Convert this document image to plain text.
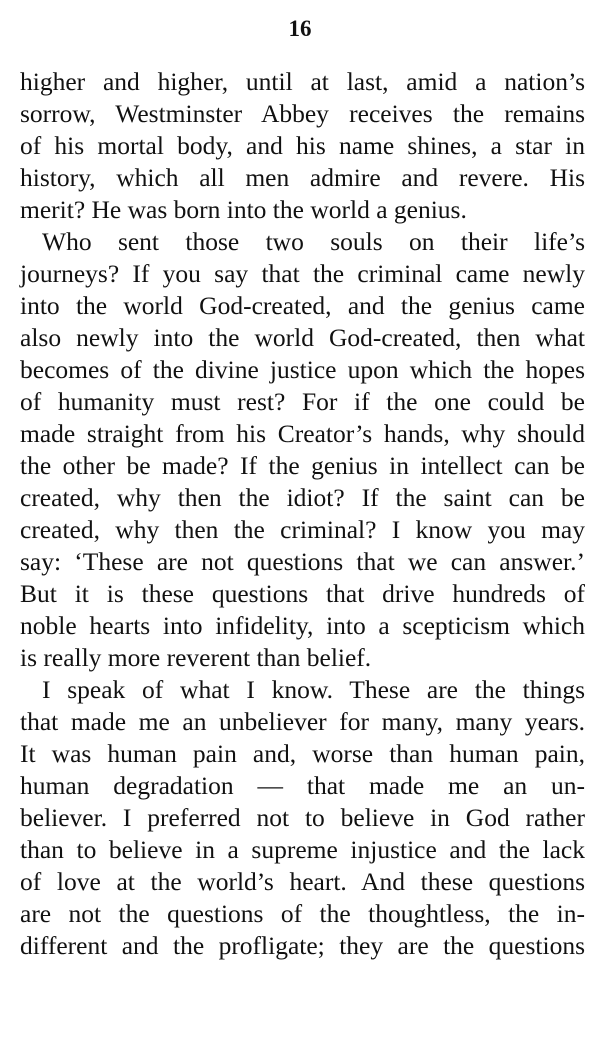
16
higher and higher, until at last, amid a nation’s
sorrow, Westminster Abbey receives the remains
of his mortal body, and his name shines, a star in
history, which all men admire and revere. His
merit? He was born into the world a genius.
Who sent those two souls on their life’s
journeys? If you say that the criminal came newly
into the world God-created, and the genius came
also newly into the world God-created, then what
becomes of the divine justice upon which the hopes
of humanity must rest? For if the one could be
made straight from his Creator’s hands, why should
the other be made? If the genius in intellect can be
created, why then the idiot? If the saint can be
created, why then the criminal? I know you may
say: ‘These are not questions that we can answer.’
But it is these questions that drive hundreds of
noble hearts into infidelity, into a scepticism which
is really more reverent than belief.
I speak of what I know. These are the things
that made me an unbeliever for many, many years.
It was human pain and, worse than human pain,
human degradation — that made me an un-
believer. I preferred not to believe in God rather
than to believe in a supreme injustice and the lack
of love at the world’s heart. And these questions
are not the questions of the thoughtless, the in-
different and the profligate; they are the questions
